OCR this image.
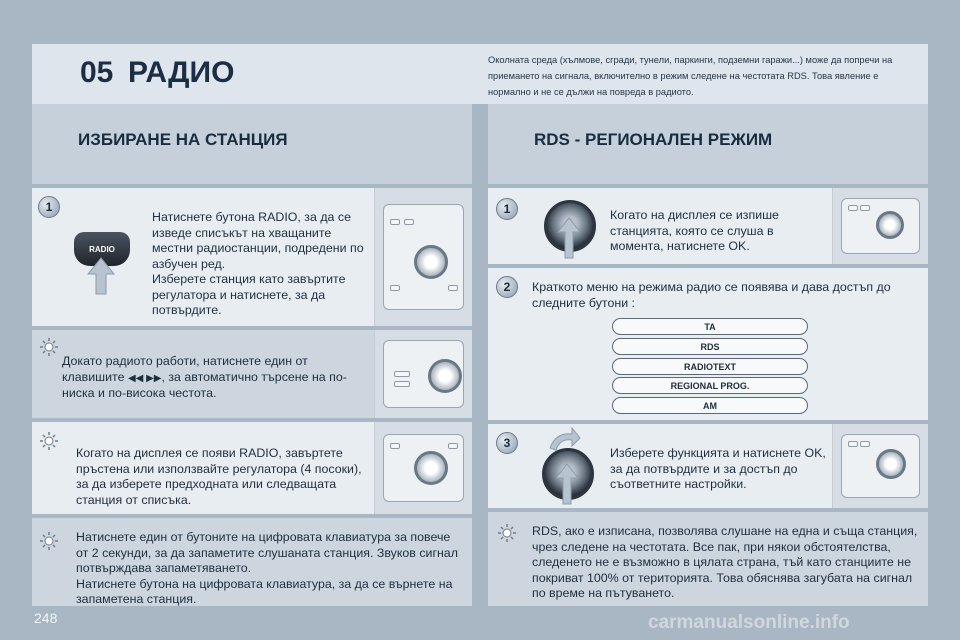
05 РАДИО	Околната среда (хълмове, сгради, тунели, паркинги, подземни гаражи...) може да попречи на приемането на сигнала, включително в режим следене на честотата RDS. Това явление е нормално и не се дължи на повреда в радиото.
ИЗБИРАНЕ НА СТАНЦИЯ	RDS - РЕГИОНАЛЕН РЕЖИМ
1
RADIO
Натиснете бутона RADIO, за да се изведе списъкът на хващаните местни радиостанции, подредени по азбучен ред.
Изберете станция като завъртите регулатора и натиснете, за да потвърдите.
Докато радиото работи, натиснете един от клавишите ◀◀ ▶▶, за автоматично търсене на по-ниска и по-висока честота.
Когато на дисплея се появи RADIO, завъртете пръстена или използвайте регулатора (4 посоки), за да изберете предходната или следващата станция от списъка.
Натиснете един от бутоните на цифровата клавиатура за повече от 2 секунди, за да запаметите слушаната станция. Звуков сигнал потвърждава запаметяването.
Натиснете бутона на цифровата клавиатура, за да се върнете на запаметена станция.
1	Когато на дисплея се изпише станцията, която се слуша в момента, натиснете OK.
2	Краткото меню на режима радио се появява и дава достъп до следните бутони :
TA
RDS
RADIOTEXT
REGIONAL PROG.
AM
3
Изберете функцията и натиснете OK, за да потвърдите и за достъп до съответните настройки.
RDS, ако е изписана, позволява слушане на една и съща станция, чрез следене на честотата. Все пак, при някои обстоятелства, следенето не е възможно в цялата страна, тъй като станциите не покриват 100% от територията. Това обяснява загубата на сигнал по време на пътуването.
248	carmanualsonline.info
